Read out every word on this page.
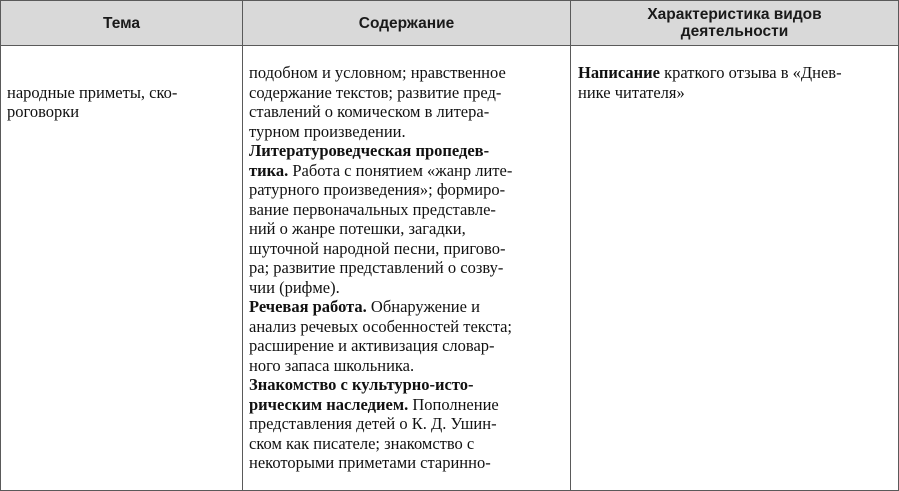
Тема	Содержание	Характеристика видов
деятельности

народные приметы, ско-
роговорки

подобном и условном; нравственное
содержание текстов; развитие пред-
ставлений о комическом в литера-
турном произведении.
Литературоведческая пропедев-
тика. Работа с понятием «жанр лите-
ратурного произведения»; формиро-
вание первоначальных представле-
ний о жанре потешки, загадки,
шуточной народной песни, пригово-
ра; развитие представлений о созву-
чии (рифме).
Речевая работа. Обнаружение и
анализ речевых особенностей текста;
расширение и активизация словар-
ного запаса школьника.
Знакомство с культурно-исто-
рическим наследием. Пополнение
представления детей о К. Д. Ушин-
ском как писателе; знакомство с
некоторыми приметами старинно-
Написание краткого отзыва в «Днев-
нике читателя»
